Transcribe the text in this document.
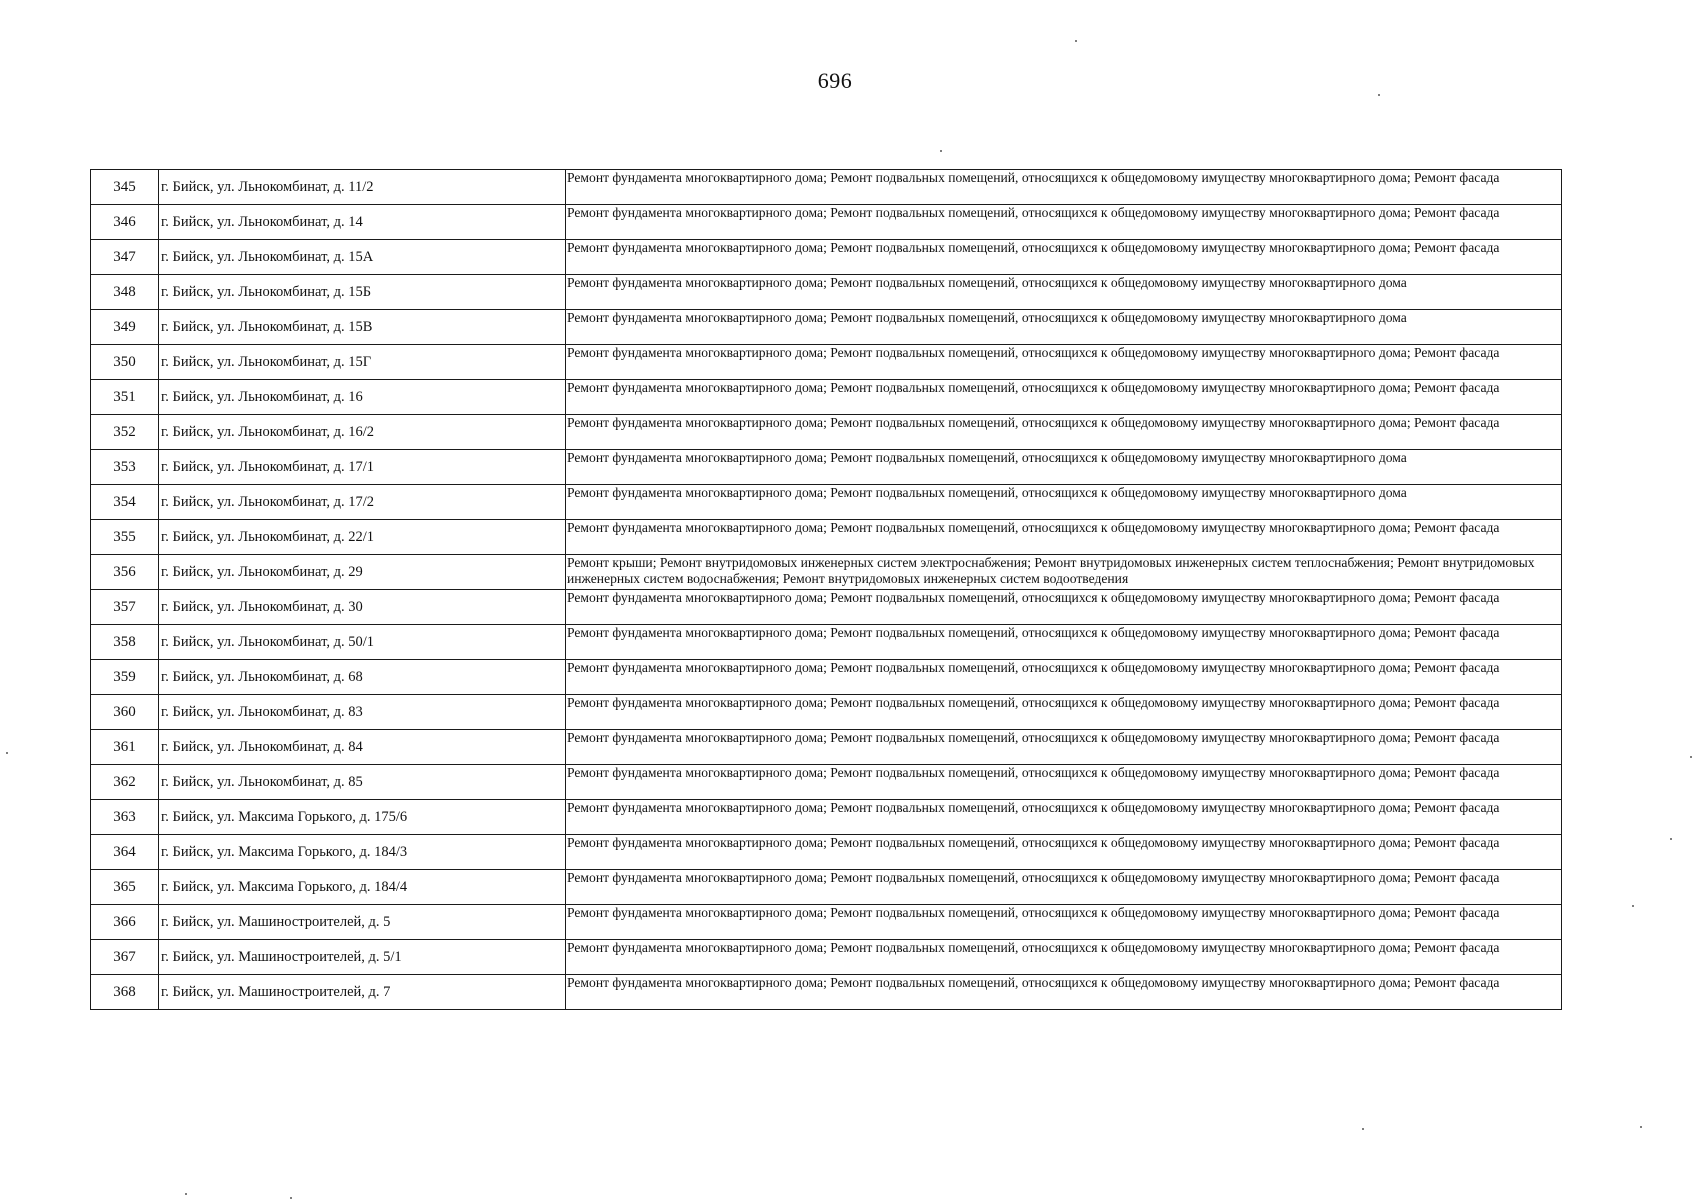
696
345	г. Бийск, ул. Льнокомбинат, д. 11/2	Ремонт фундамента многоквартирного дома; Ремонт подвальных помещений, относящихся к общедомовому имуществу многоквартирного дома; Ремонт фасада

346	г. Бийск, ул. Льнокомбинат, д. 14	Ремонт фундамента многоквартирного дома; Ремонт подвальных помещений, относящихся к общедомовому имуществу многоквартирного дома; Ремонт фасада

347	г. Бийск, ул. Льнокомбинат, д. 15А	Ремонт фундамента многоквартирного дома; Ремонт подвальных помещений, относящихся к общедомовому имуществу многоквартирного дома; Ремонт фасада

348	г. Бийск, ул. Льнокомбинат, д. 15Б	Ремонт фундамента многоквартирного дома; Ремонт подвальных помещений, относящихся к общедомовому имуществу многоквартирного дома

349	г. Бийск, ул. Льнокомбинат, д. 15В	Ремонт фундамента многоквартирного дома; Ремонт подвальных помещений, относящихся к общедомовому имуществу многоквартирного дома

350	г. Бийск, ул. Льнокомбинат, д. 15Г	Ремонт фундамента многоквартирного дома; Ремонт подвальных помещений, относящихся к общедомовому имуществу многоквартирного дома; Ремонт фасада

351	г. Бийск, ул. Льнокомбинат, д. 16	Ремонт фундамента многоквартирного дома; Ремонт подвальных помещений, относящихся к общедомовому имуществу многоквартирного дома; Ремонт фасада

352	г. Бийск, ул. Льнокомбинат, д. 16/2	Ремонт фундамента многоквартирного дома; Ремонт подвальных помещений, относящихся к общедомовому имуществу многоквартирного дома; Ремонт фасада

353	г. Бийск, ул. Льнокомбинат, д. 17/1	Ремонт фундамента многоквартирного дома; Ремонт подвальных помещений, относящихся к общедомовому имуществу многоквартирного дома

354	г. Бийск, ул. Льнокомбинат, д. 17/2	Ремонт фундамента многоквартирного дома; Ремонт подвальных помещений, относящихся к общедомовому имуществу многоквартирного дома

355	г. Бийск, ул. Льнокомбинат, д. 22/1	Ремонт фундамента многоквартирного дома; Ремонт подвальных помещений, относящихся к общедомовому имуществу многоквартирного дома; Ремонт фасада

356	г. Бийск, ул. Льнокомбинат, д. 29	Ремонт крыши; Ремонт внутридомовых инженерных систем электроснабжения; Ремонт внутридомовых инженерных систем теплоснабжения; Ремонт внутридомовых инженерных систем водоснабжения; Ремонт внутридомовых инженерных систем водоотведения

357	г. Бийск, ул. Льнокомбинат, д. 30	Ремонт фундамента многоквартирного дома; Ремонт подвальных помещений, относящихся к общедомовому имуществу многоквартирного дома; Ремонт фасада

358	г. Бийск, ул. Льнокомбинат, д. 50/1	Ремонт фундамента многоквартирного дома; Ремонт подвальных помещений, относящихся к общедомовому имуществу многоквартирного дома; Ремонт фасада

359	г. Бийск, ул. Льнокомбинат, д. 68	Ремонт фундамента многоквартирного дома; Ремонт подвальных помещений, относящихся к общедомовому имуществу многоквартирного дома; Ремонт фасада

360	г. Бийск, ул. Льнокомбинат, д. 83	Ремонт фундамента многоквартирного дома; Ремонт подвальных помещений, относящихся к общедомовому имуществу многоквартирного дома; Ремонт фасада

361	г. Бийск, ул. Льнокомбинат, д. 84	Ремонт фундамента многоквартирного дома; Ремонт подвальных помещений, относящихся к общедомовому имуществу многоквартирного дома; Ремонт фасада

362	г. Бийск, ул. Льнокомбинат, д. 85	Ремонт фундамента многоквартирного дома; Ремонт подвальных помещений, относящихся к общедомовому имуществу многоквартирного дома; Ремонт фасада

363	г. Бийск, ул. Максима Горького, д. 175/6	Ремонт фундамента многоквартирного дома; Ремонт подвальных помещений, относящихся к общедомовому имуществу многоквартирного дома; Ремонт фасада

364	г. Бийск, ул. Максима Горького, д. 184/3	Ремонт фундамента многоквартирного дома; Ремонт подвальных помещений, относящихся к общедомовому имуществу многоквартирного дома; Ремонт фасада

365	г. Бийск, ул. Максима Горького, д. 184/4	Ремонт фундамента многоквартирного дома; Ремонт подвальных помещений, относящихся к общедомовому имуществу многоквартирного дома; Ремонт фасада

366	г. Бийск, ул. Машиностроителей, д. 5	Ремонт фундамента многоквартирного дома; Ремонт подвальных помещений, относящихся к общедомовому имуществу многоквартирного дома; Ремонт фасада

367	г. Бийск, ул. Машиностроителей, д. 5/1	Ремонт фундамента многоквартирного дома; Ремонт подвальных помещений, относящихся к общедомовому имуществу многоквартирного дома; Ремонт фасада

368	г. Бийск, ул. Машиностроителей, д. 7	Ремонт фундамента многоквартирного дома; Ремонт подвальных помещений, относящихся к общедомовому имуществу многоквартирного дома; Ремонт фасада
